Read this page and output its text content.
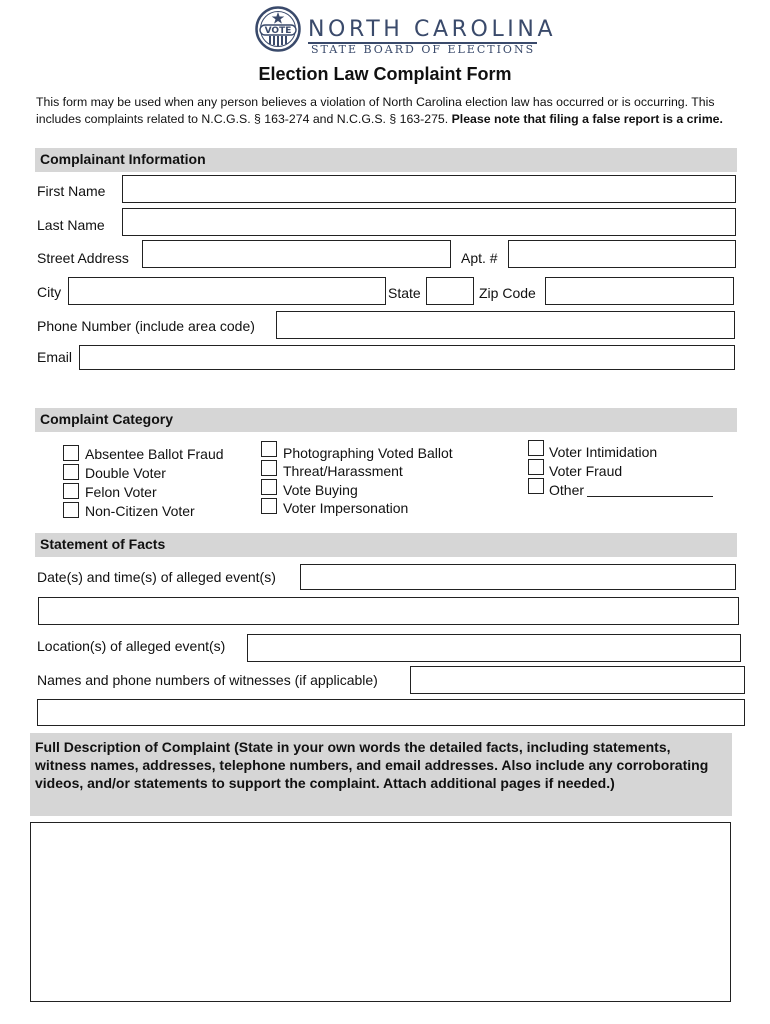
VOTE NORTH CAROLINA
STATE BOARD OF ELECTIONS
Election Law Complaint Form
This form may be used when any person believes a violation of North Carolina election law has occurred or is occurring. This includes complaints related to N.C.G.S. § 163-274 and N.C.G.S. § 163-275. Please note that filing a false report is a crime.
Complainant Information
First Name
Last Name
Street Address	Apt. #
City	State	Zip Code
Phone Number (include area code)
Email
Complaint Category
Absentee Ballot Fraud
Double Voter
Felon Voter
Non-Citizen Voter
Photographing Voted Ballot
Threat/Harassment
Vote Buying
Voter Impersonation
Voter Intimidation
Voter Fraud
Other
Statement of Facts
Date(s) and time(s) of alleged event(s)
Location(s) of alleged event(s)
Names and phone numbers of witnesses (if applicable)
Full Description of Complaint (State in your own words the detailed facts, including statements, witness names, addresses, telephone numbers, and email addresses. Also include any corroborating videos, and/or statements to support the complaint. Attach additional pages if needed.)
